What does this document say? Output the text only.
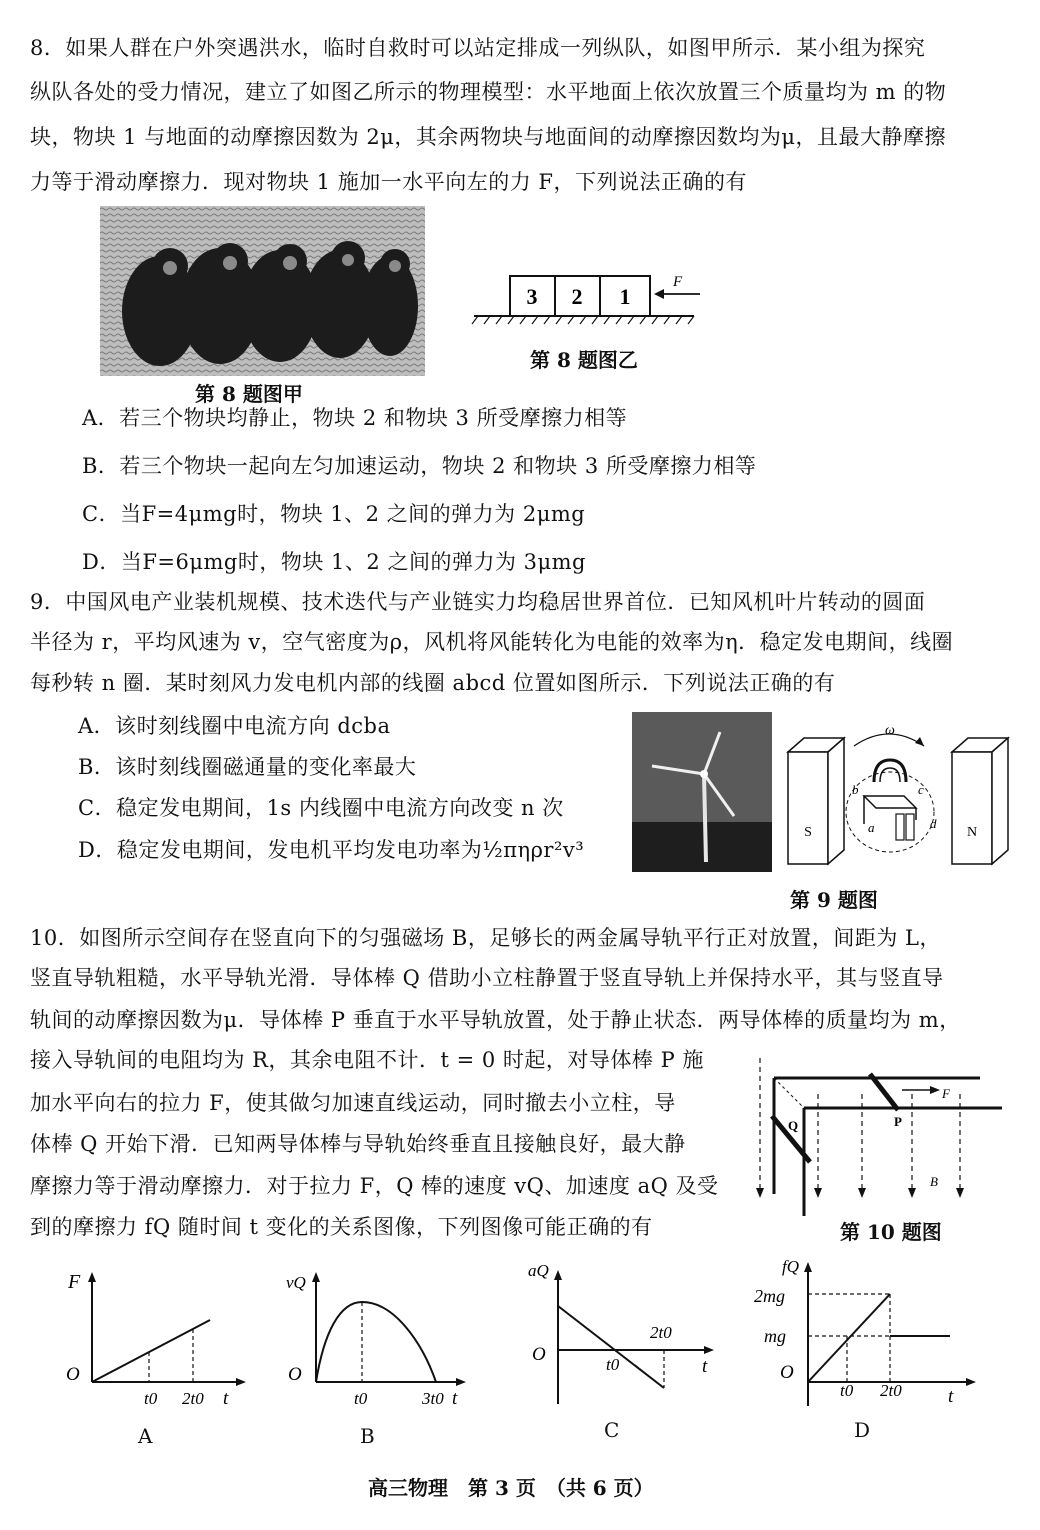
8．如果人群在户外突遇洪水，临时自救时可以站定排成一列纵队，如图甲所示．某小组为探究
纵队各处的受力情况，建立了如图乙所示的物理模型：水平地面上依次放置三个质量均为 m 的物
块，物块 1 与地面的动摩擦因数为 2μ，其余两物块与地面间的动摩擦因数均为μ，且最大静摩擦
力等于滑动摩擦力．现对物块 1 施加一水平向左的力 F，下列说法正确的有
第 8 题图甲
3 2 1
F
第 8 题图乙
A．若三个物块均静止，物块 2 和物块 3 所受摩擦力相等
B．若三个物块一起向左匀加速运动，物块 2 和物块 3 所受摩擦力相等
C．当F=4μmg时，物块 1、2 之间的弹力为 2μmg
D．当F=6μmg时，物块 1、2 之间的弹力为 3μmg
9．中国风电产业装机规模、技术迭代与产业链实力均稳居世界首位．已知风机叶片转动的圆面
半径为 r，平均风速为 v，空气密度为ρ，风机将风能转化为电能的效率为η．稳定发电期间，线圈
每秒转 n 圈．某时刻风力发电机内部的线圈 abcd 位置如图所示．下列说法正确的有
A．该时刻线圈中电流方向 dcba
B．该时刻线圈磁通量的变化率最大
C．稳定发电期间，1s 内线圈中电流方向改变 n 次
D．稳定发电期间，发电机平均发电功率为½πηρr²v³
S	N
ω
b	c
a	d
第 9 题图
10．如图所示空间存在竖直向下的匀强磁场 B，足够长的两金属导轨平行正对放置，间距为 L，
竖直导轨粗糙，水平导轨光滑．导体棒 Q 借助小立柱静置于竖直导轨上并保持水平，其与竖直导
轨间的动摩擦因数为μ．导体棒 P 垂直于水平导轨放置，处于静止状态．两导体棒的质量均为 m，
接入导轨间的电阻均为 R，其余电阻不计．t = 0 时起，对导体棒 P 施
加水平向右的拉力 F，使其做匀加速直线运动，同时撤去小立柱，导
体棒 Q 开始下滑．已知两导体棒与导轨始终垂直且接触良好，最大静
摩擦力等于滑动摩擦力．对于拉力 F，Q 棒的速度 vQ、加速度 aQ 及受
到的摩擦力 fQ 随时间 t 变化的关系图像，下列图像可能正确的有
Q	P
F
B
第 10 题图
F
O
t0 2t0 t
A
vQ
O
t0	3t0 t
B
aQ
O	t0
2t0
t
C
fQ
2mg
mg
O
t0 2t0 t
D
高三物理　第 3 页　（共 6 页）
